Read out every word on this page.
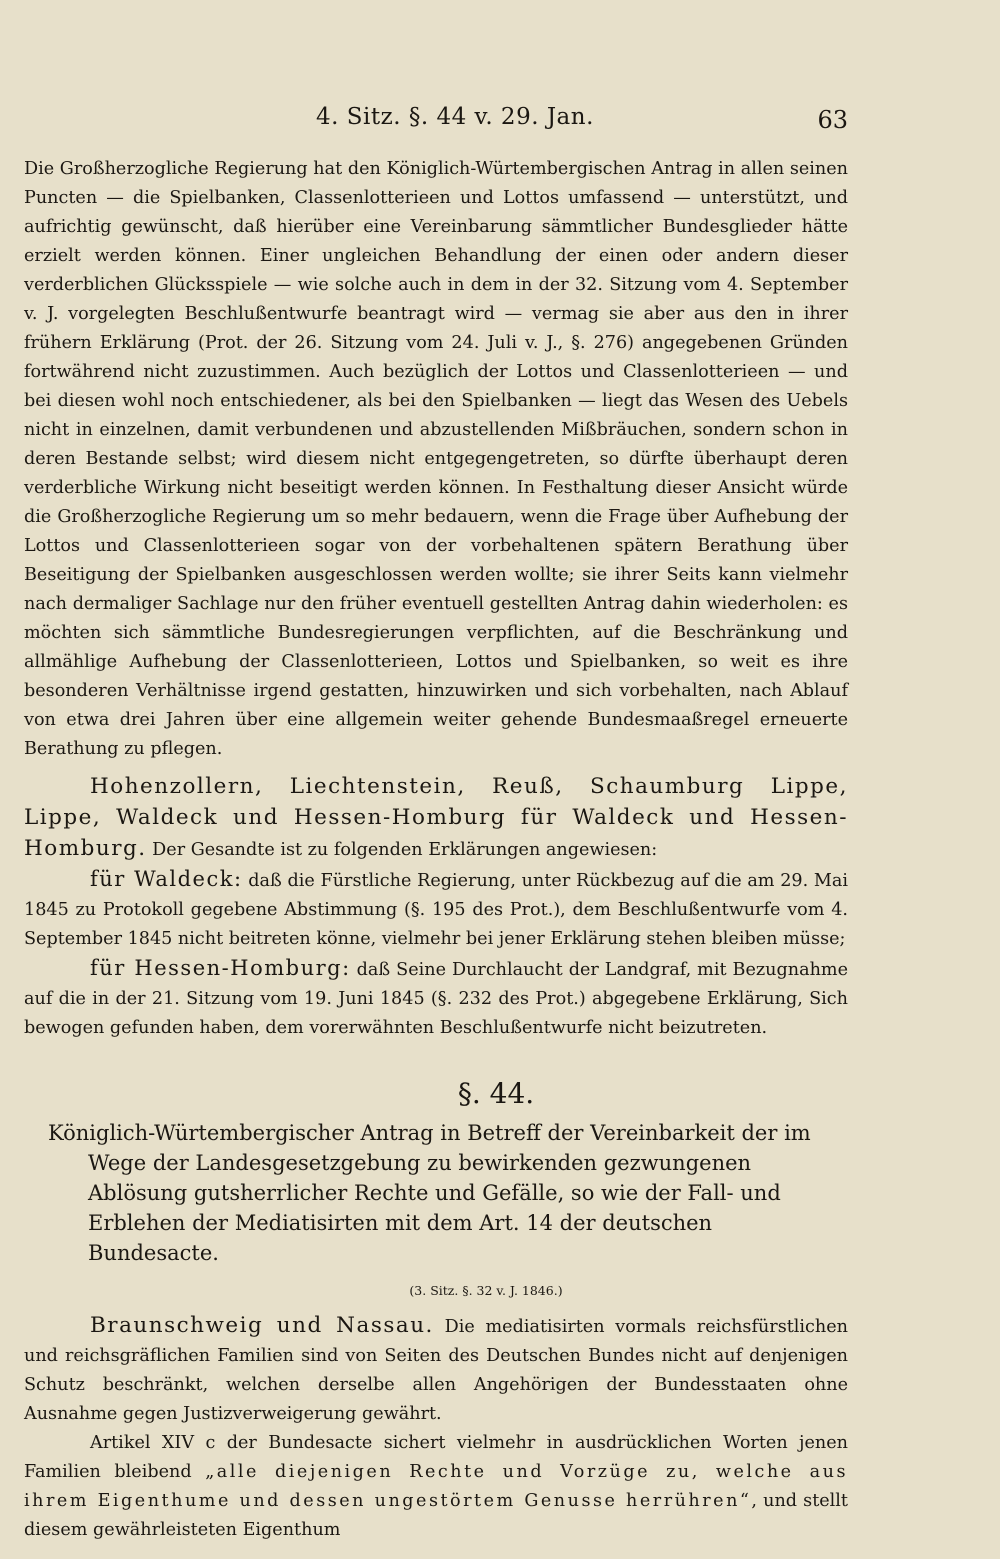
4. Sitz. §. 44 v. 29. Jan.	63

Die Großherzogliche Regierung hat den Königlich-Würtembergischen Antrag in allen seinen Puncten — die Spielbanken, Classenlotterieen und Lottos umfassend — unterstützt, und aufrichtig gewünscht, daß hierüber eine Vereinbarung sämmtlicher Bundesglieder hätte erzielt werden können. Einer ungleichen Behandlung der einen oder andern dieser verderblichen Glücksspiele — wie solche auch in dem in der 32. Sitzung vom 4. September v. J. vorgelegten Beschlußentwurfe beantragt wird — vermag sie aber aus den in ihrer frühern Erklärung (Prot. der 26. Sitzung vom 24. Juli v. J., §. 276) angegebenen Gründen fortwährend nicht zuzustimmen. Auch bezüglich der Lottos und Classenlotterieen — und bei diesen wohl noch entschiedener, als bei den Spielbanken — liegt das Wesen des Uebels nicht in einzelnen, damit verbundenen und abzustellenden Mißbräuchen, sondern schon in deren Bestande selbst; wird diesem nicht entgegengetreten, so dürfte überhaupt deren verderbliche Wirkung nicht beseitigt werden können. In Festhaltung dieser Ansicht würde die Großherzogliche Regierung um so mehr bedauern, wenn die Frage über Aufhebung der Lottos und Classenlotterieen sogar von der vorbehaltenen spätern Berathung über Beseitigung der Spielbanken ausgeschlossen werden wollte; sie ihrer Seits kann vielmehr nach dermaliger Sachlage nur den früher eventuell gestellten Antrag dahin wiederholen: es möchten sich sämmtliche Bundesregierungen verpflichten, auf die Beschränkung und allmählige Aufhebung der Classenlotterieen, Lottos und Spielbanken, so weit es ihre besonderen Verhältnisse irgend gestatten, hinzuwirken und sich vorbehalten, nach Ablauf von etwa drei Jahren über eine allgemein weiter gehende Bundesmaaßregel erneuerte Berathung zu pflegen.

Hohenzollern, Liechtenstein, Reuß, Schaumburg Lippe, Lippe, Waldeck und Hessen-Homburg für Waldeck und Hessen-Homburg. Der Gesandte ist zu folgenden Erklärungen angewiesen:

für Waldeck: daß die Fürstliche Regierung, unter Rückbezug auf die am 29. Mai 1845 zu Protokoll gegebene Abstimmung (§. 195 des Prot.), dem Beschlußentwurfe vom 4. September 1845 nicht beitreten könne, vielmehr bei jener Erklärung stehen bleiben müsse;

für Hessen-Homburg: daß Seine Durchlaucht der Landgraf, mit Bezugnahme auf die in der 21. Sitzung vom 19. Juni 1845 (§. 232 des Prot.) abgegebene Erklärung, Sich bewogen gefunden haben, dem vorerwähnten Beschlußentwurfe nicht beizutreten.

§. 44.
Königlich-Würtembergischer Antrag in Betreff der Vereinbarkeit der im Wege der Landesgesetzgebung zu bewirkenden gezwungenen Ablösung gutsherrlicher Rechte und Gefälle, so wie der Fall- und Erblehen der Mediatisirten mit dem Art. 14 der deutschen Bundesacte.
(3. Sitz. §. 32 v. J. 1846.)

Braunschweig und Nassau. Die mediatisirten vormals reichsfürstlichen und reichsgräflichen Familien sind von Seiten des Deutschen Bundes nicht auf denjenigen Schutz beschränkt, welchen derselbe allen Angehörigen der Bundesstaaten ohne Ausnahme gegen Justizverweigerung gewährt.

Artikel XIV c der Bundesacte sichert vielmehr in ausdrücklichen Worten jenen Familien bleibend „alle diejenigen Rechte und Vorzüge zu, welche aus ihrem Eigenthume und dessen ungestörtem Genusse herrühren“, und stellt diesem gewährleisteten Eigenthum
